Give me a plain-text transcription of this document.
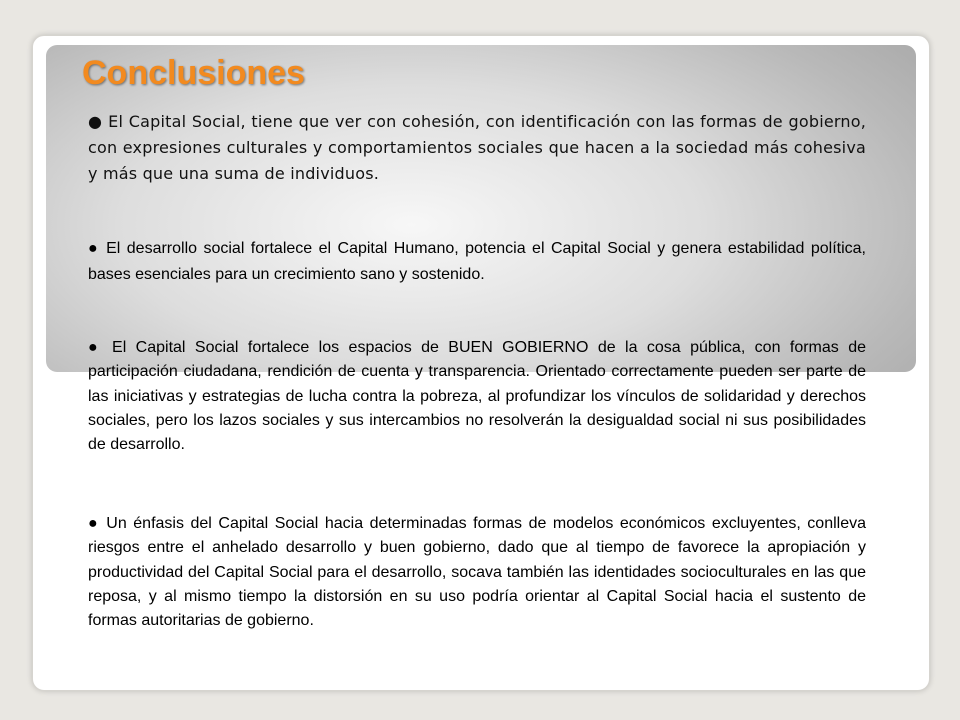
Conclusiones

● El Capital Social, tiene que ver con cohesión, con identificación con las formas de gobierno, con expresiones culturales y comportamientos sociales que hacen a la sociedad más cohesiva y más que una suma de individuos.

● El desarrollo social fortalece el Capital Humano, potencia el Capital Social y genera estabilidad política, bases esenciales para un crecimiento sano y sostenido.

● El Capital Social fortalece los espacios de BUEN GOBIERNO de la cosa pública, con formas de participación ciudadana, rendición de cuenta y transparencia. Orientado correctamente pueden ser parte de las iniciativas y estrategias de lucha contra la pobreza, al profundizar los vínculos de solidaridad y derechos sociales, pero los lazos sociales y sus intercambios no resolverán la desigualdad social ni sus posibilidades de desarrollo.

● Un énfasis del Capital Social hacia determinadas formas de modelos económicos excluyentes, conlleva riesgos entre el anhelado desarrollo y buen gobierno, dado que al tiempo de favorece la apropiación y productividad del Capital Social para el desarrollo, socava también las identidades socioculturales en las que reposa, y al mismo tiempo la distorsión en su uso podría orientar al Capital Social hacia el sustento de formas autoritarias de gobierno.
